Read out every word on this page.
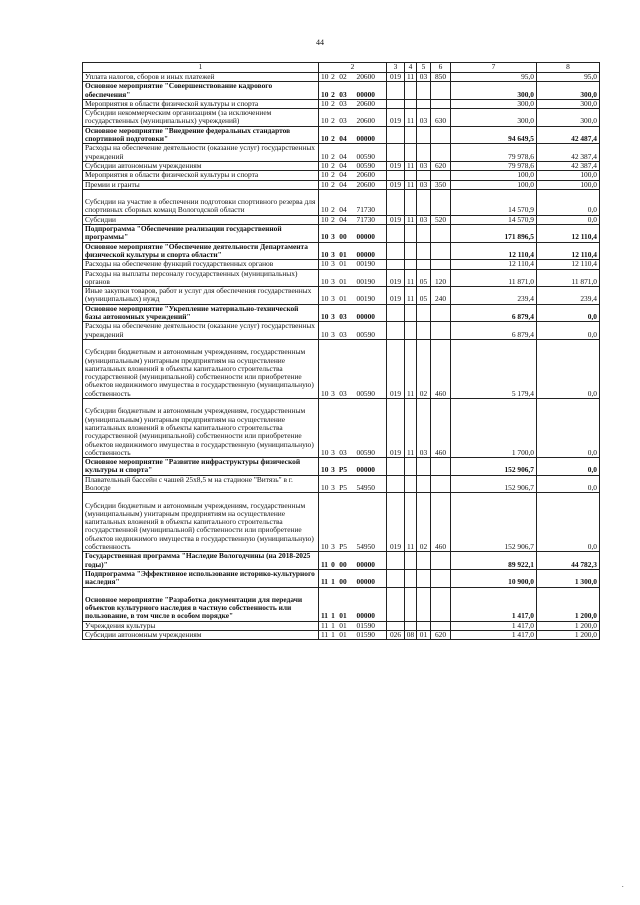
44
1	2	3	4	5	6	7	8
Уплата налогов, сборов и иных платежей	10 2 02 20600	019	11	03	850	95,0	95,0
Основное мероприятие "Совершенствование кадрового обеспечения"	10 2 03 00000					300,0	300,0
Мероприятия в области физической культуры и спорта	10 2 03 20600					300,0	300,0
Субсидии некоммерческим организациям (за исключением государственных (муниципальных) учреждений)	10 2 03 20600	019	11	03	630	300,0	300,0
Основное мероприятие "Внедрение федеральных стандартов спортивной подготовки"	10 2 04 00000					94 649,5	42 487,4
Расходы на обеспечение деятельности (оказание услуг) государственных учреждений	10 2 04 00590					79 978,6	42 387,4
Субсидии автономным учреждениям	10 2 04 00590	019	11	03	620	79 978,6	42 387,4
Мероприятия в области физической культуры и спорта	10 2 04 20600					100,0	100,0
Премии и гранты	10 2 04 20600	019	11	03	350	100,0	100,0
Субсидии на участие в обеспечении подготовки спортивного резерва для спортивных сборных команд Вологодской области	10 2 04 71730					14 570,9	0,0
Субсидии	10 2 04 71730	019	11	03	520	14 570,9	0,0
Подпрограмма "Обеспечение реализации государственной программы"	10 3 00 00000					171 896,5	12 110,4
Основное мероприятие "Обеспечение деятельности Департамента физической культуры и спорта области"	10 3 01 00000					12 110,4	12 110,4
Расходы на обеспечение функций государственных органов	10 3 01 00190					12 110,4	12 110,4
Расходы на выплаты персоналу государственных (муниципальных) органов	10 3 01 00190	019	11	05	120	11 871,0	11 871,0
Иные закупки товаров, работ и услуг для обеспечения государственных (муниципальных) нужд	10 3 01 00190	019	11	05	240	239,4	239,4
Основное мероприятие "Укрепление материально-технической базы автономных учреждений"	10 3 03 00000					6 879,4	0,0
Расходы на обеспечение деятельности (оказание услуг) государственных учреждений	10 3 03 00590					6 879,4	0,0
Субсидии бюджетным и автономным учреждениям, государственным (муниципальным) унитарным предприятиям на осуществление капитальных вложений в объекты капитального строительства государственной (муниципальной) собственности или приобретение объектов недвижимого имущества в государственную (муниципальную) собственность	10 3 03 00590	019	11	02	460	5 179,4	0,0
Субсидии бюджетным и автономным учреждениям, государственным (муниципальным) унитарным предприятиям на осуществление капитальных вложений в объекты капитального строительства государственной (муниципальной) собственности или приобретение объектов недвижимого имущества в государственную (муниципальную) собственность	10 3 03 00590	019	11	03	460	1 700,0	0,0
Основное мероприятие "Развитие инфраструктуры физической культуры и спорта"	10 3 P5 00000					152 906,7	0,0
Плавательный бассейн с чашей 25х8,5 м на стадионе "Витязь" в г. Вологде	10 3 P5 54950					152 906,7	0,0
Субсидии бюджетным и автономным учреждениям, государственным (муниципальным) унитарным предприятиям на осуществление капитальных вложений в объекты капитального строительства государственной (муниципальной) собственности или приобретение объектов недвижимого имущества в государственную (муниципальную) собственность	10 3 P5 54950	019	11	02	460	152 906,7	0,0
Государственная программа "Наследие Вологодчины (на 2018-2025 годы)"	11 0 00 00000					89 922,1	44 782,3
Подпрограмма "Эффективное использование историко-культурного наследия"	11 1 00 00000					10 900,0	1 300,0
Основное мероприятие "Разработка документации для передачи объектов культурного наследия в частную собственность или пользование, в том числе в особом порядке"	11 1 01 00000					1 417,0	1 200,0
Учреждения культуры	11 1 01 01590					1 417,0	1 200,0
Субсидии автономным учреждениям	11 1 01 01590	026	08	01	620	1 417,0	1 200,0
·
